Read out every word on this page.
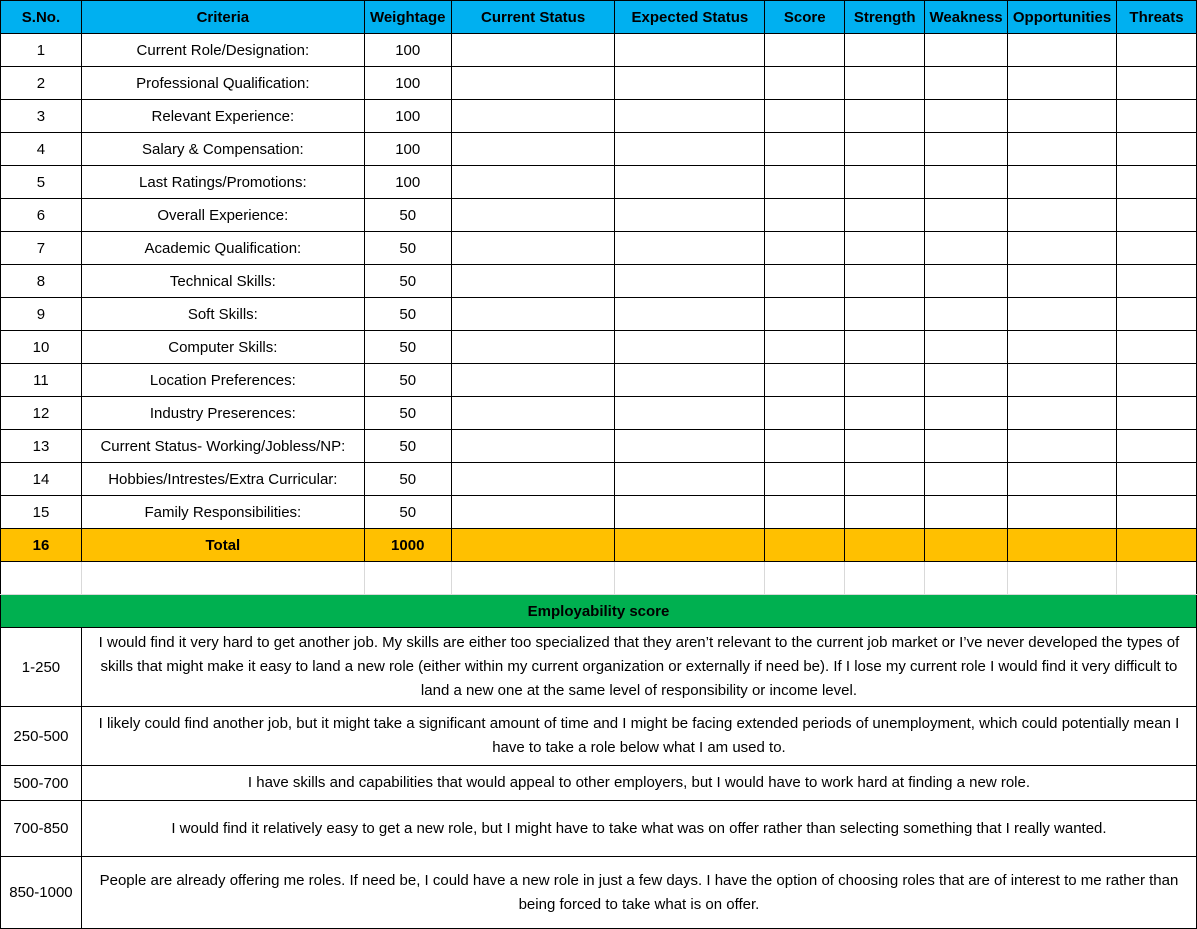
S.No.	Criteria	Weightage	Current Status	Expected Status	Score	Strength	Weakness	Opportunities	Threats
1	Current Role/Designation:	100							
2	Professional Qualification:	100							
3	Relevant Experience:	100							
4	Salary & Compensation:	100							
5	Last Ratings/Promotions:	100							
6	Overall Experience:	50							
7	Academic Qualification:	50							
8	Technical Skills:	50							
9	Soft Skills:	50							
10	Computer Skills:	50							
11	Location Preferences:	50							
12	Industry Preserences:	50							
13	Current Status- Working/Jobless/NP:	50							
14	Hobbies/Intrestes/Extra Curricular:	50							
15	Family Responsibilities:	50							
16	Total	1000							

Employability score									
1-250	I would find it very hard to get another job. My skills are either too specialized that they aren’t relevant to the current job market or I’ve never developed the types of skills that might make it easy to land a new role (either within my current organization or externally if need be). If I lose my current role I would find it very difficult to land a new one at the same level of responsibility or income level.								
250-500	I likely could find another job, but it might take a significant amount of time and I might be facing extended periods of unemployment, which could potentially mean I have to take a role below what I am used to.								
500-700	I have skills and capabilities that would appeal to other employers, but I would have to work hard at finding a new role.								
700-850	I would find it relatively easy to get a new role, but I might have to take what was on offer rather than selecting something that I really wanted.								
850-1000	People are already offering me roles. If need be, I could have a new role in just a few days. I have the option of choosing roles that are of interest to me rather than being forced to take what is on offer.								
